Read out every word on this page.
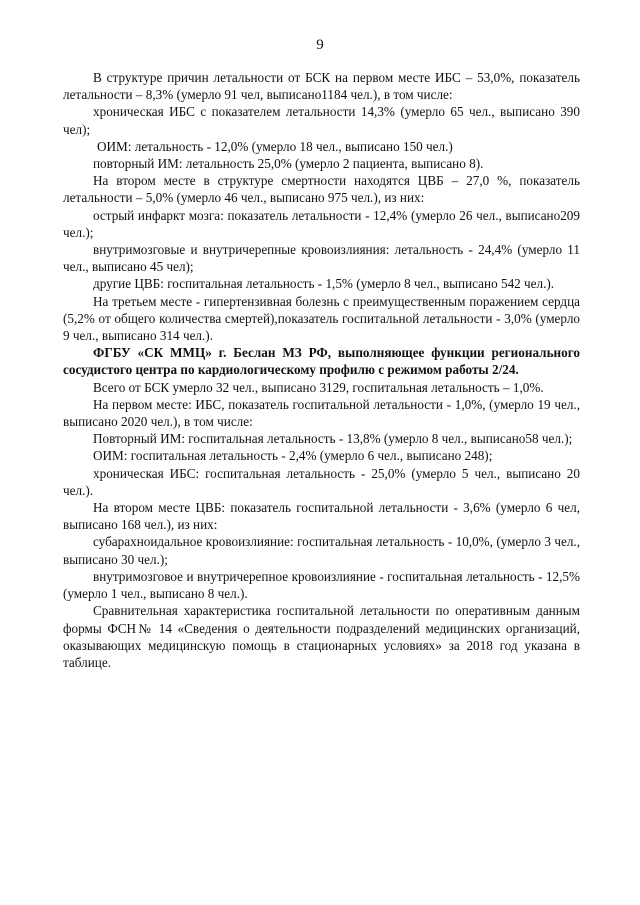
9

В структуре причин летальности от БСК на первом месте ИБС – 53,0%, показатель летальности – 8,3% (умерло 91 чел, выписано1184 чел.), в том числе:

хроническая ИБС с показателем летальности 14,3% (умерло 65 чел., выписано 390 чел);

ОИМ: летальность - 12,0% (умерло 18 чел., выписано 150 чел.)

повторный ИМ: летальность 25,0% (умерло 2 пациента, выписано 8).

На втором месте в структуре смертности находятся ЦВБ – 27,0 %, показатель летальности – 5,0% (умерло 46 чел., выписано 975 чел.), из них:

острый инфаркт мозга: показатель летальности - 12,4% (умерло 26 чел., выписано209 чел.);

внутримозговые и внутричерепные кровоизлияния: летальность - 24,4% (умерло 11 чел., выписано 45 чел);

другие ЦВБ: госпитальная летальность - 1,5% (умерло 8 чел., выписано 542 чел.).

На третьем месте - гипертензивная болезнь с преимущественным поражением сердца (5,2% от общего количества смертей),показатель госпитальной летальности - 3,0% (умерло 9 чел., выписано 314 чел.).

ФГБУ «СК ММЦ» г. Беслан МЗ РФ, выполняющее функции регионального сосудистого центра по кардиологическому профилю с режимом работы 2/24.

Всего от БСК умерло 32 чел., выписано 3129, госпитальная летальность – 1,0%.

На первом месте: ИБС, показатель госпитальной летальности - 1,0%, (умерло 19 чел., выписано 2020 чел.), в том числе:

Повторный ИМ: госпитальная летальность - 13,8% (умерло 8 чел., выписано58 чел.);

ОИМ: госпитальная летальность - 2,4% (умерло 6 чел., выписано 248);

хроническая ИБС: госпитальная летальность - 25,0% (умерло 5 чел., выписано 20 чел.).

На втором месте ЦВБ: показатель госпитальной летальности - 3,6% (умерло 6 чел, выписано 168 чел.), из них:

субарахноидальное кровоизлияние: госпитальная летальность - 10,0%, (умерло 3 чел., выписано 30 чел.);

внутримозговое и внутричерепное кровоизлияние - госпитальная летальность - 12,5% (умерло 1 чел., выписано 8 чел.).

Сравнительная характеристика госпитальной летальности по оперативным данным формы ФСН№ 14 «Сведения о деятельности подразделений медицинских организаций, оказывающих медицинскую помощь в стационарных условиях» за 2018 год указана в таблице.
